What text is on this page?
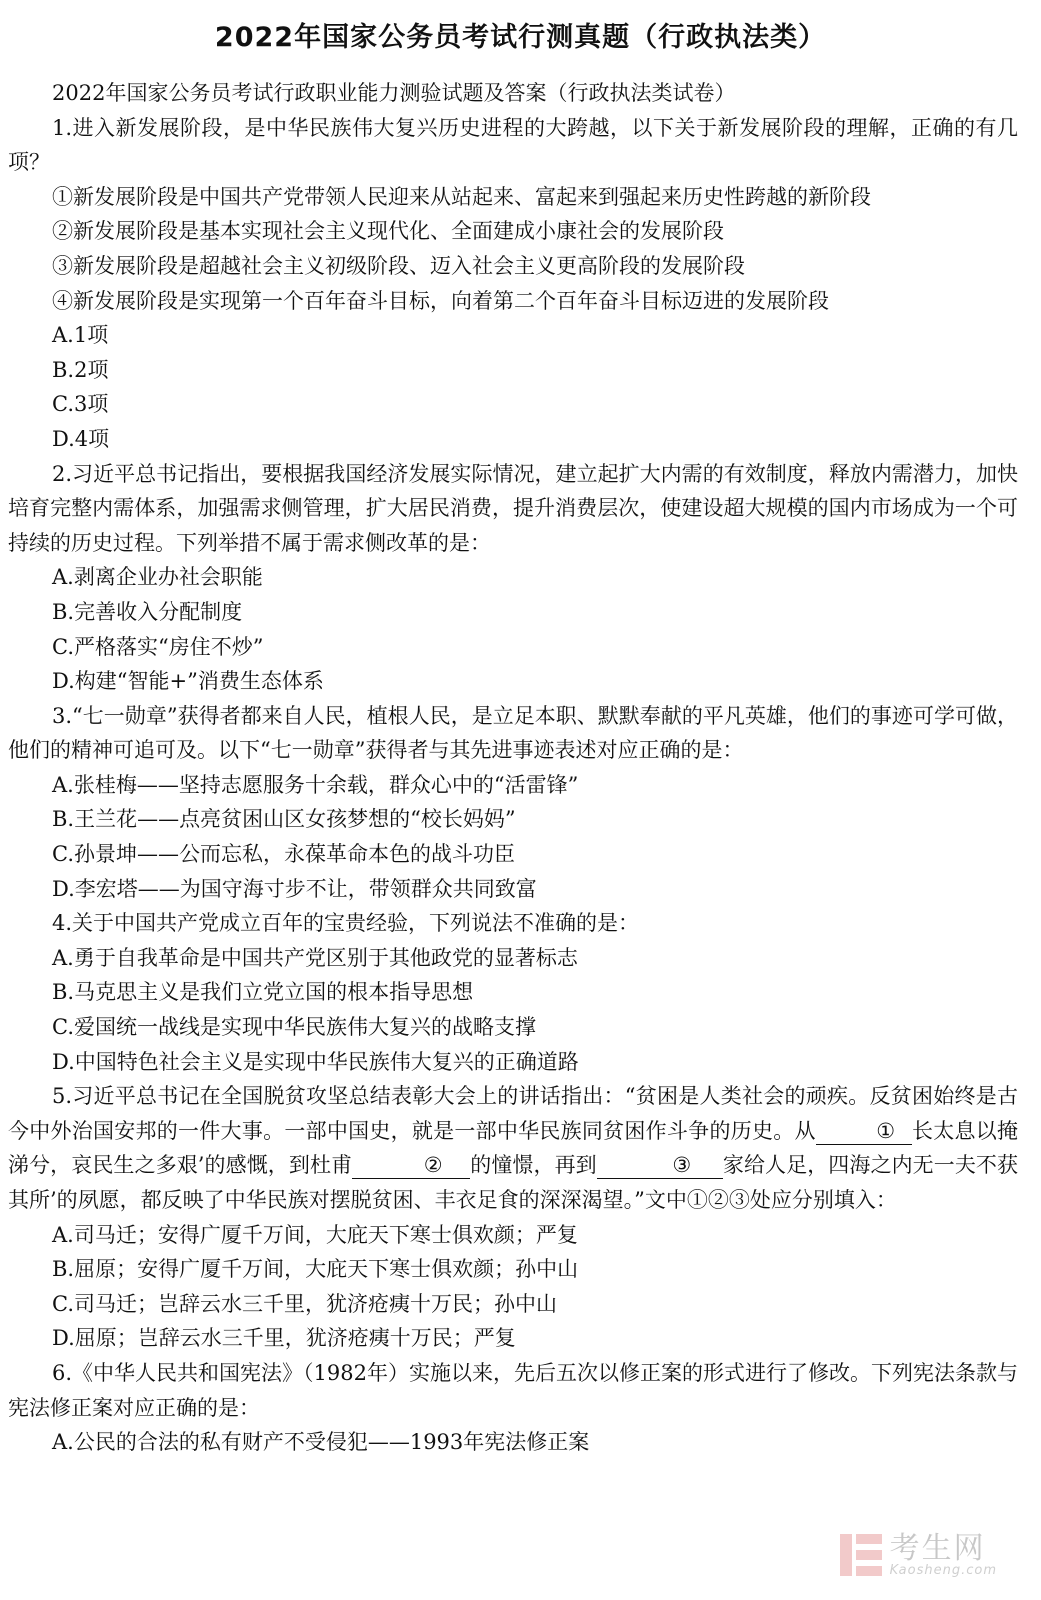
2022年国家公务员考试行测真题（行政执法类）

2022年国家公务员考试行政职业能力测验试题及答案（行政执法类试卷）

1.进入新发展阶段，是中华民族伟大复兴历史进程的大跨越，以下关于新发展阶段的理解，正确的有几项？

①新发展阶段是中国共产党带领人民迎来从站起来、富起来到强起来历史性跨越的新阶段

②新发展阶段是基本实现社会主义现代化、全面建成小康社会的发展阶段

③新发展阶段是超越社会主义初级阶段、迈入社会主义更高阶段的发展阶段

④新发展阶段是实现第一个百年奋斗目标，向着第二个百年奋斗目标迈进的发展阶段

A.1项

B.2项

C.3项

D.4项

2.习近平总书记指出，要根据我国经济发展实际情况，建立起扩大内需的有效制度，释放内需潜力，加快培育完整内需体系，加强需求侧管理，扩大居民消费，提升消费层次，使建设超大规模的国内市场成为一个可持续的历史过程。下列举措不属于需求侧改革的是：

A.剥离企业办社会职能

B.完善收入分配制度

C.严格落实“房住不炒”

D.构建“智能+”消费生态体系

3.“七一勋章”获得者都来自人民，植根人民，是立足本职、默默奉献的平凡英雄，他们的事迹可学可做，他们的精神可追可及。以下“七一勋章”获得者与其先进事迹表述对应正确的是：

A.张桂梅——坚持志愿服务十余载，群众心中的“活雷锋”

B.王兰花——点亮贫困山区女孩梦想的“校长妈妈”

C.孙景坤——公而忘私，永葆革命本色的战斗功臣

D.李宏塔——为国守海寸步不让，带领群众共同致富

4.关于中国共产党成立百年的宝贵经验，下列说法不准确的是：

A.勇于自我革命是中国共产党区别于其他政党的显著标志

B.马克思主义是我们立党立国的根本指导思想

C.爱国统一战线是实现中华民族伟大复兴的战略支撑

D.中国特色社会主义是实现中华民族伟大复兴的正确道路

5.习近平总书记在全国脱贫攻坚总结表彰大会上的讲话指出：“贫困是人类社会的顽疾。反贫困始终是古今中外治国安邦的一件大事。一部中国史，就是一部中华民族同贫困作斗争的历史。从	① 长太息以掩涕兮，哀民生之多艰’的感慨，到杜甫	② 的憧憬，再到	③ 家给人足，四海之内无一夫不获其所’的夙愿，都反映了中华民族对摆脱贫困、丰衣足食的深深渴望。”文中①②③处应分别填入：

A.司马迁；安得广厦千万间，大庇天下寒士俱欢颜；严复

B.屈原；安得广厦千万间，大庇天下寒士俱欢颜；孙中山

C.司马迁；岂辞云水三千里，犹济疮痍十万民；孙中山

D.屈原；岂辞云水三千里，犹济疮痍十万民；严复

6.《中华人民共和国宪法》（1982年）实施以来，先后五次以修正案的形式进行了修改。下列宪法条款与宪法修正案对应正确的是：

A.公民的合法的私有财产不受侵犯——1993年宪法修正案

考生网
Kaosheng.com
